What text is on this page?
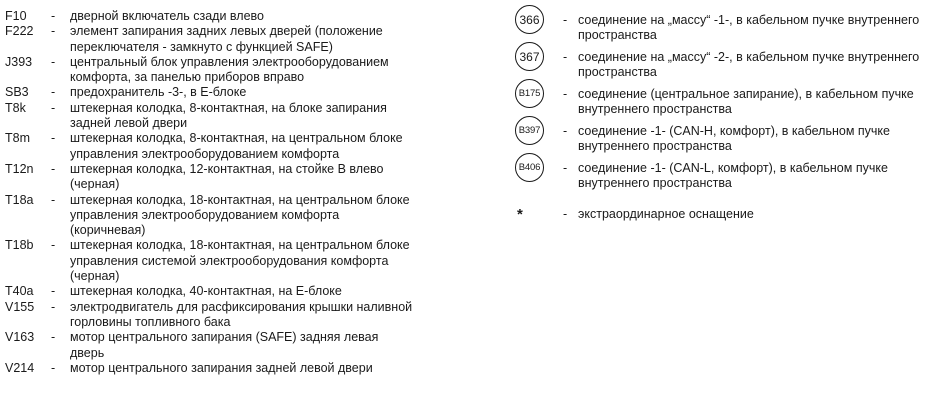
F10	-	дверной включатель сзади влево
F222	-	элемент запирания задних левых дверей (положение
переключателя - замкнуто с функцией SAFE)
J393	-	центральный блок управления электрооборудованием
комфорта, за панелью приборов вправо
SB3	-	предохранитель -3-, в Е-блоке
T8k	-	штекерная колодка, 8-контактная, на блоке запирания
задней левой двери
T8m	-	штекерная колодка, 8-контактная, на центральном блоке
управления электрооборудованием комфорта
T12n	-	штекерная колодка, 12-контактная, на стойке В влево
(черная)
T18a	-	штекерная колодка, 18-контактная, на центральном блоке
управления электрооборудованием комфорта
(коричневая)
T18b	-	штекерная колодка, 18-контактная, на центральном блоке
управления системой электрооборудования комфорта
(черная)
T40a	-	штекерная колодка, 40-контактная, на Е-блоке
V155	-	электродвигатель для расфиксирования крышки наливной
горловины топливного бака
V163	-	мотор центрального запирания (SAFE) задняя левая
дверь
V214	-	мотор центрального запирания задней левой двери
366	- соединение на „массу“ -1-, в кабельном пучке внутреннего
пространства
367	- соединение на „массу“ -2-, в кабельном пучке внутреннего
пространства
B175	- соединение (центральное запирание), в кабельном пучке
внутреннего пространства
B397	- соединение -1- (CAN-H, комфорт), в кабельном пучке
внутреннего пространства
B406	- соединение -1- (CAN-L, комфорт), в кабельном пучке
внутреннего пространства
*	- экстраординарное оснащение
